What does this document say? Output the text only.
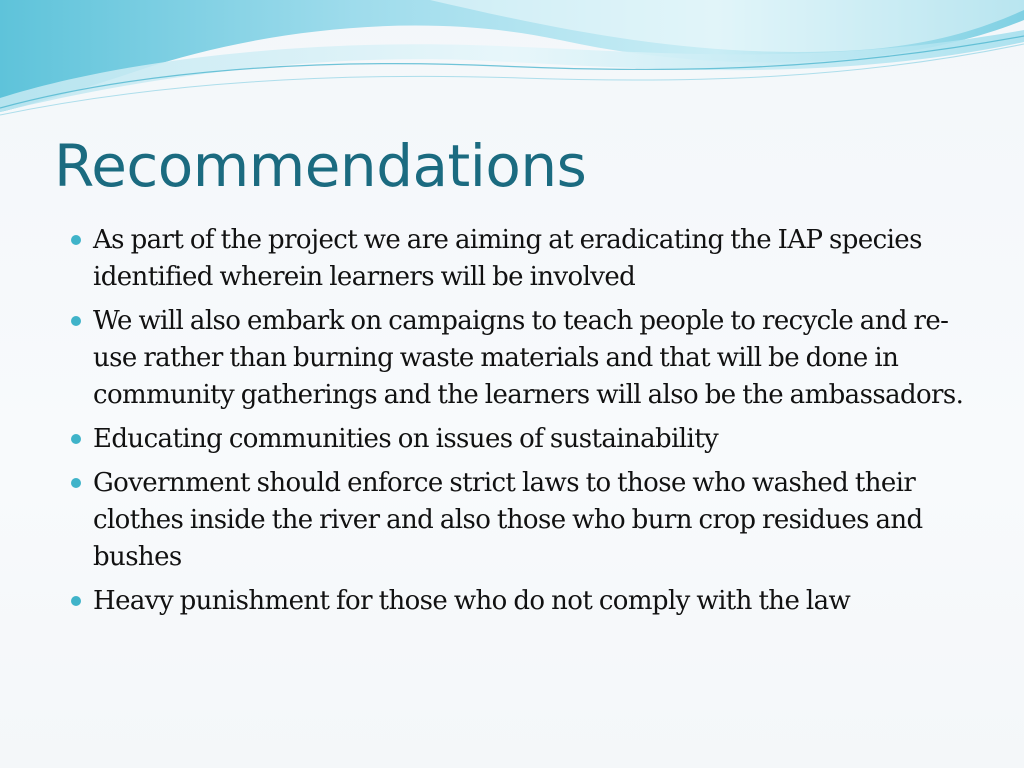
Recommendations
As part of the project we are aiming at eradicating the IAP species identified wherein learners will be involved
We will also embark on campaigns to teach people to recycle and re-use rather than burning waste materials and that will be done in community gatherings and the learners will also be the ambassadors.
Educating communities on issues of sustainability
Government should enforce strict laws to those who washed their clothes inside the river and also those who burn crop residues and bushes
Heavy punishment for those who do not comply with the law
